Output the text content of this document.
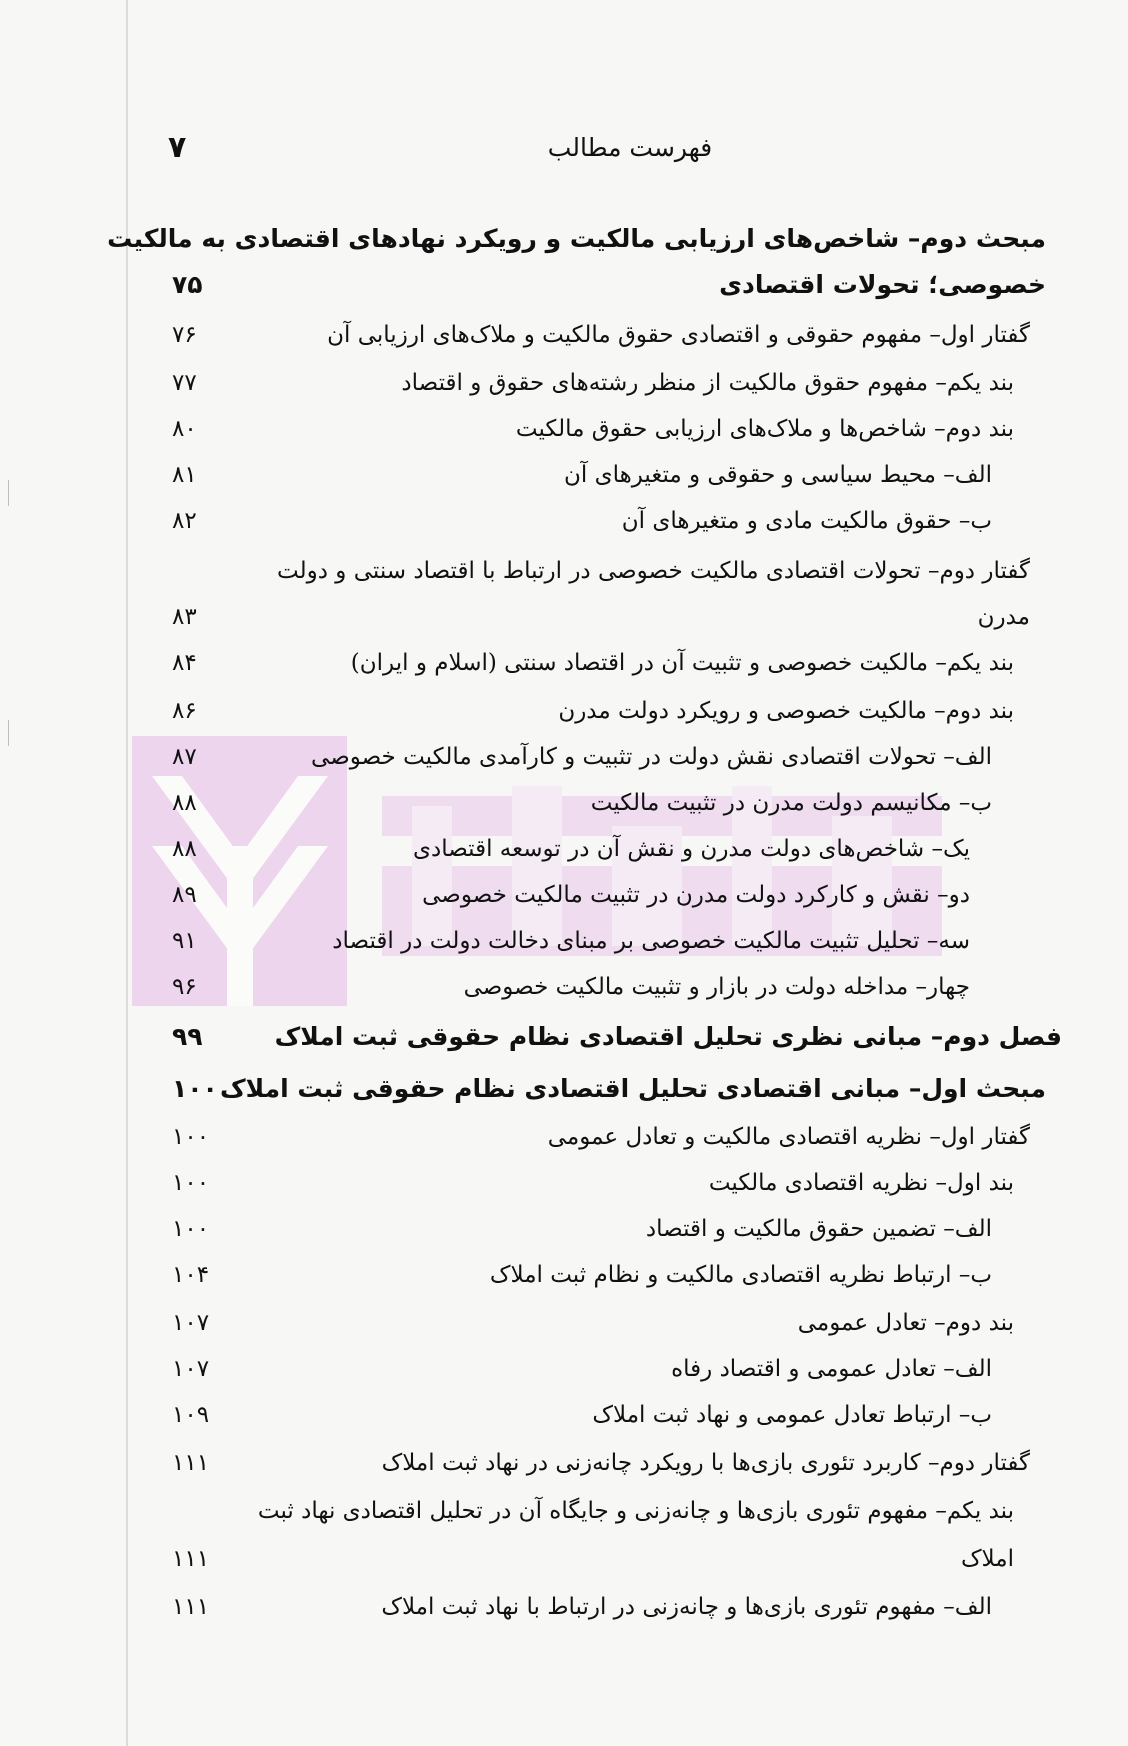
۷	فهرست مطالب
مبحث دوم– شاخص‌های ارزیابی مالکیت و رویکرد نهادهای اقتصادی به مالکیت
خصوصی؛ تحولات اقتصادی
۷۵
گفتار اول– مفهوم حقوقی و اقتصادی حقوق مالکیت و ملاک‌های ارزیابی آن
۷۶
بند یکم– مفهوم حقوق مالکیت از منظر رشته‌های حقوق و اقتصاد
۷۷
بند دوم– شاخص‌ها و ملاک‌های ارزیابی حقوق مالکیت
۸۰
الف– محیط سیاسی و حقوقی و متغیرهای آن
۸۱
ب– حقوق مالکیت مادی و متغیرهای آن
۸۲
گفتار دوم– تحولات اقتصادی مالکیت خصوصی در ارتباط با اقتصاد سنتی و دولت
مدرن
۸۳
بند یکم– مالکیت خصوصی و تثبیت آن در اقتصاد سنتی (اسلام و ایران)
۸۴
بند دوم– مالکیت خصوصی و رویکرد دولت مدرن
۸۶
الف– تحولات اقتصادی نقش دولت در تثبیت و کارآمدی مالکیت خصوصی
۸۷
ب– مکانیسم دولت مدرن در تثبیت مالکیت
۸۸
یک– شاخص‌های دولت مدرن و نقش آن در توسعه اقتصادی
۸۸
دو– نقش و کارکرد دولت مدرن در تثبیت مالکیت خصوصی
۸۹
سه– تحلیل تثبیت مالکیت خصوصی بر مبنای دخالت دولت در اقتصاد
۹۱
چهار– مداخله دولت در بازار و تثبیت مالکیت خصوصی
۹۶
فصل دوم– مبانی نظری تحلیل اقتصادی نظام حقوقی ثبت املاک
۹۹
مبحث اول– مبانی اقتصادی تحلیل اقتصادی نظام حقوقی ثبت املاک
۱۰۰
گفتار اول– نظریه اقتصادی مالکیت و تعادل عمومی
۱۰۰
بند اول– نظریه اقتصادی مالکیت
۱۰۰
الف– تضمین حقوق مالکیت و اقتصاد
۱۰۰
ب– ارتباط نظریه اقتصادی مالکیت و نظام ثبت املاک
۱۰۴
بند دوم– تعادل عمومی
۱۰۷
الف– تعادل عمومی و اقتصاد رفاه
۱۰۷
ب– ارتباط تعادل عمومی و نهاد ثبت املاک
۱۰۹
گفتار دوم– کاربرد تئوری بازی‌ها با رویکرد چانه‌زنی در نهاد ثبت املاک
۱۱۱
بند یکم– مفهوم تئوری بازی‌ها و چانه‌زنی و جایگاه آن در تحلیل اقتصادی نهاد ثبت
املاک
۱۱۱
الف– مفهوم تئوری بازی‌ها و چانه‌زنی در ارتباط با نهاد ثبت املاک
۱۱۱
